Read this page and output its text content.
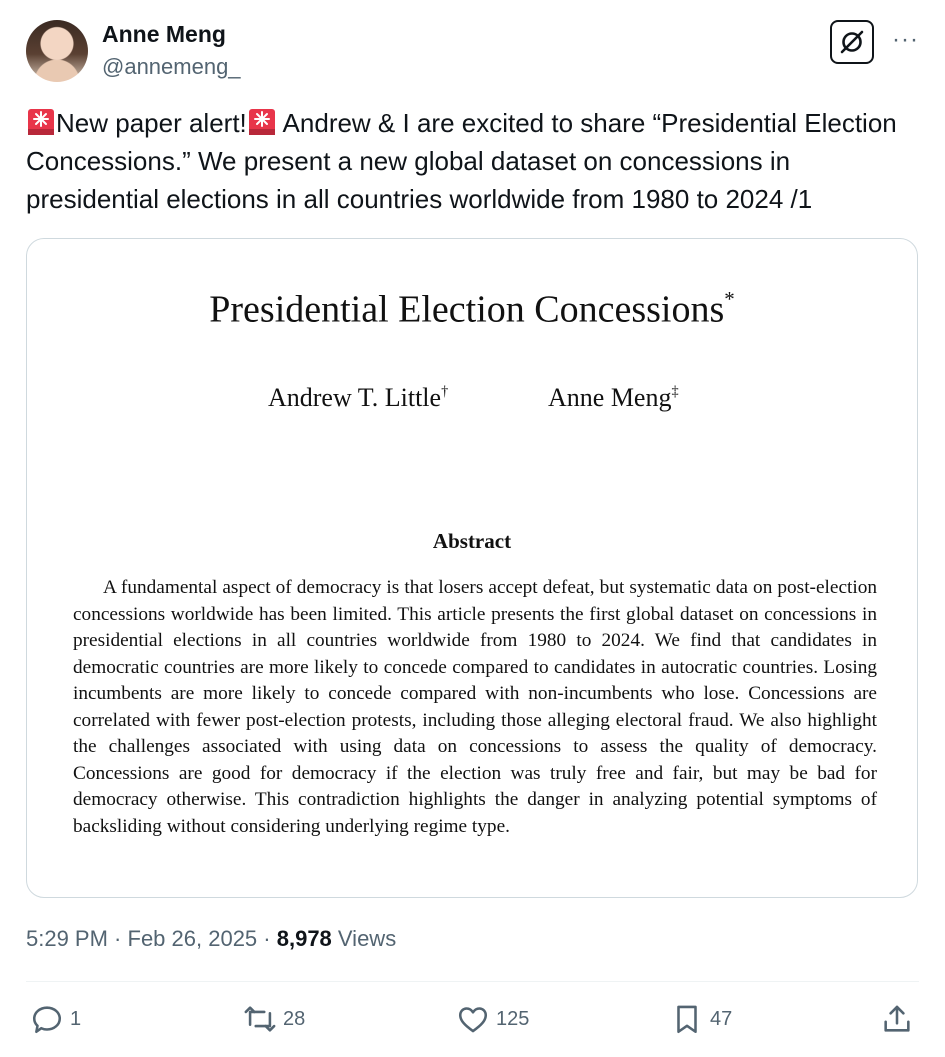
Anne Meng
@annemeng_
···
New paper alert! Andrew & I are excited to share “Presidential Election Concessions.” We present a new global dataset on concessions in presidential elections in all countries worldwide from 1980 to 2024 /1
Presidential Election Concessions*
Andrew T. Little†	Anne Meng‡
Abstract
A fundamental aspect of democracy is that losers accept defeat, but systematic data on post-election concessions worldwide has been limited. This article presents the first global dataset on concessions in presidential elections in all countries worldwide from 1980 to 2024. We find that candidates in democratic countries are more likely to concede compared to candidates in autocratic countries. Losing incumbents are more likely to concede compared with non-incumbents who lose. Concessions are correlated with fewer post-election protests, including those alleging electoral fraud. We also highlight the challenges associated with using data on concessions to assess the quality of democracy. Concessions are good for democracy if the election was truly free and fair, but may be bad for democracy otherwise. This contradiction highlights the danger in analyzing potential symptoms of backsliding without considering underlying regime type.
5:29 PM · Feb 26, 2025 · 8,978 Views
1	28	125	47
